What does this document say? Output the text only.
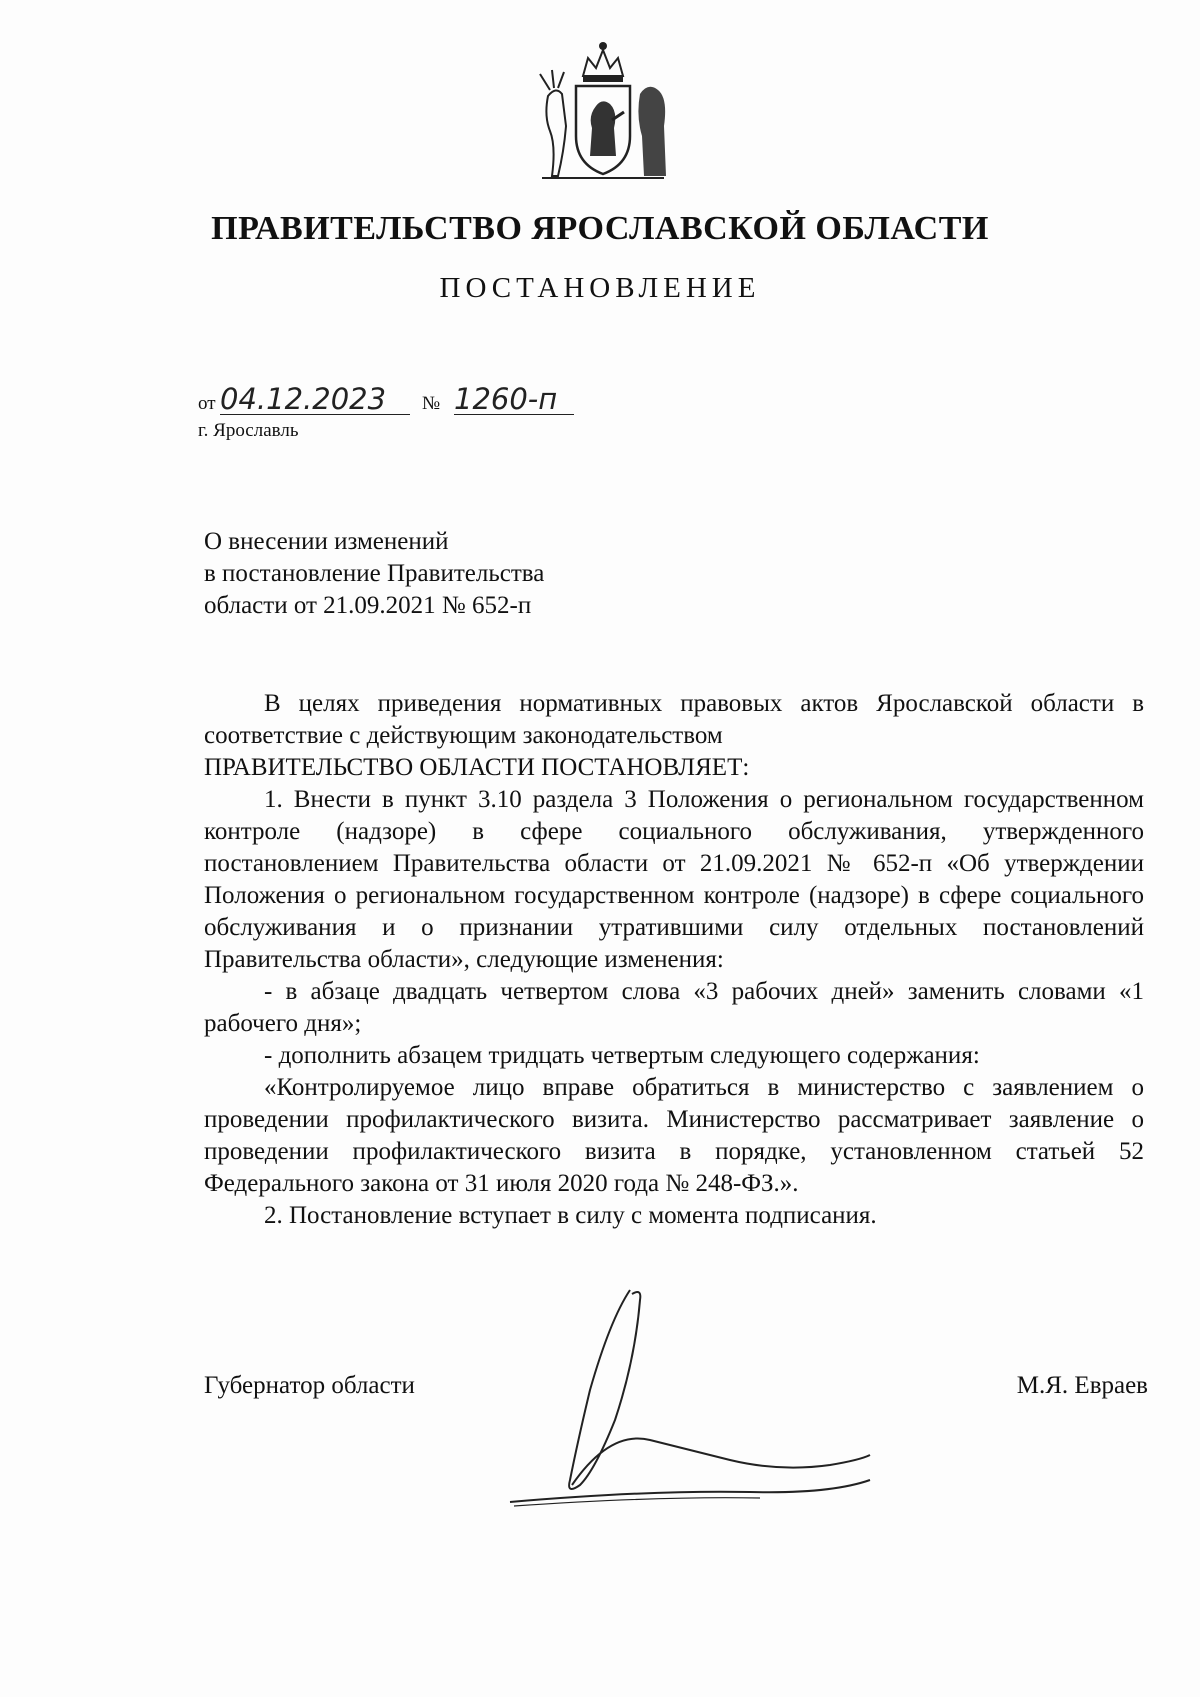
ПРАВИТЕЛЬСТВО ЯРОСЛАВСКОЙ ОБЛАСТИ
ПОСТАНОВЛЕНИЕ
от 04.12.2023	№ 1260-п
г. Ярославль
О внесении изменений
в постановление Правительства
области от 21.09.2021 № 652-п

В целях приведения нормативных правовых актов Ярославской области в соответствие с действующим законодательством

ПРАВИТЕЛЬСТВО ОБЛАСТИ ПОСТАНОВЛЯЕТ:

1. Внести в пункт 3.10 раздела 3 Положения о региональном государственном контроле (надзоре) в сфере социального обслуживания, утвержденного постановлением Правительства области от 21.09.2021 № 652-п «Об утверждении Положения о региональном государственном контроле (надзоре) в сфере социального обслуживания и о признании утратившими силу отдельных постановлений Правительства области», следующие изменения:

- в абзаце двадцать четвертом слова «3 рабочих дней» заменить словами «1 рабочего дня»;

- дополнить абзацем тридцать четвертым следующего содержания:

«Контролируемое лицо вправе обратиться в министерство с заявлением о проведении профилактического визита. Министерство рассматривает заявление о проведении профилактического визита в порядке, установленном статьей 52 Федерального закона от 31 июля 2020 года № 248-ФЗ.».

2. Постановление вступает в силу с момента подписания.

Губернатор области	М.Я. Евраев
